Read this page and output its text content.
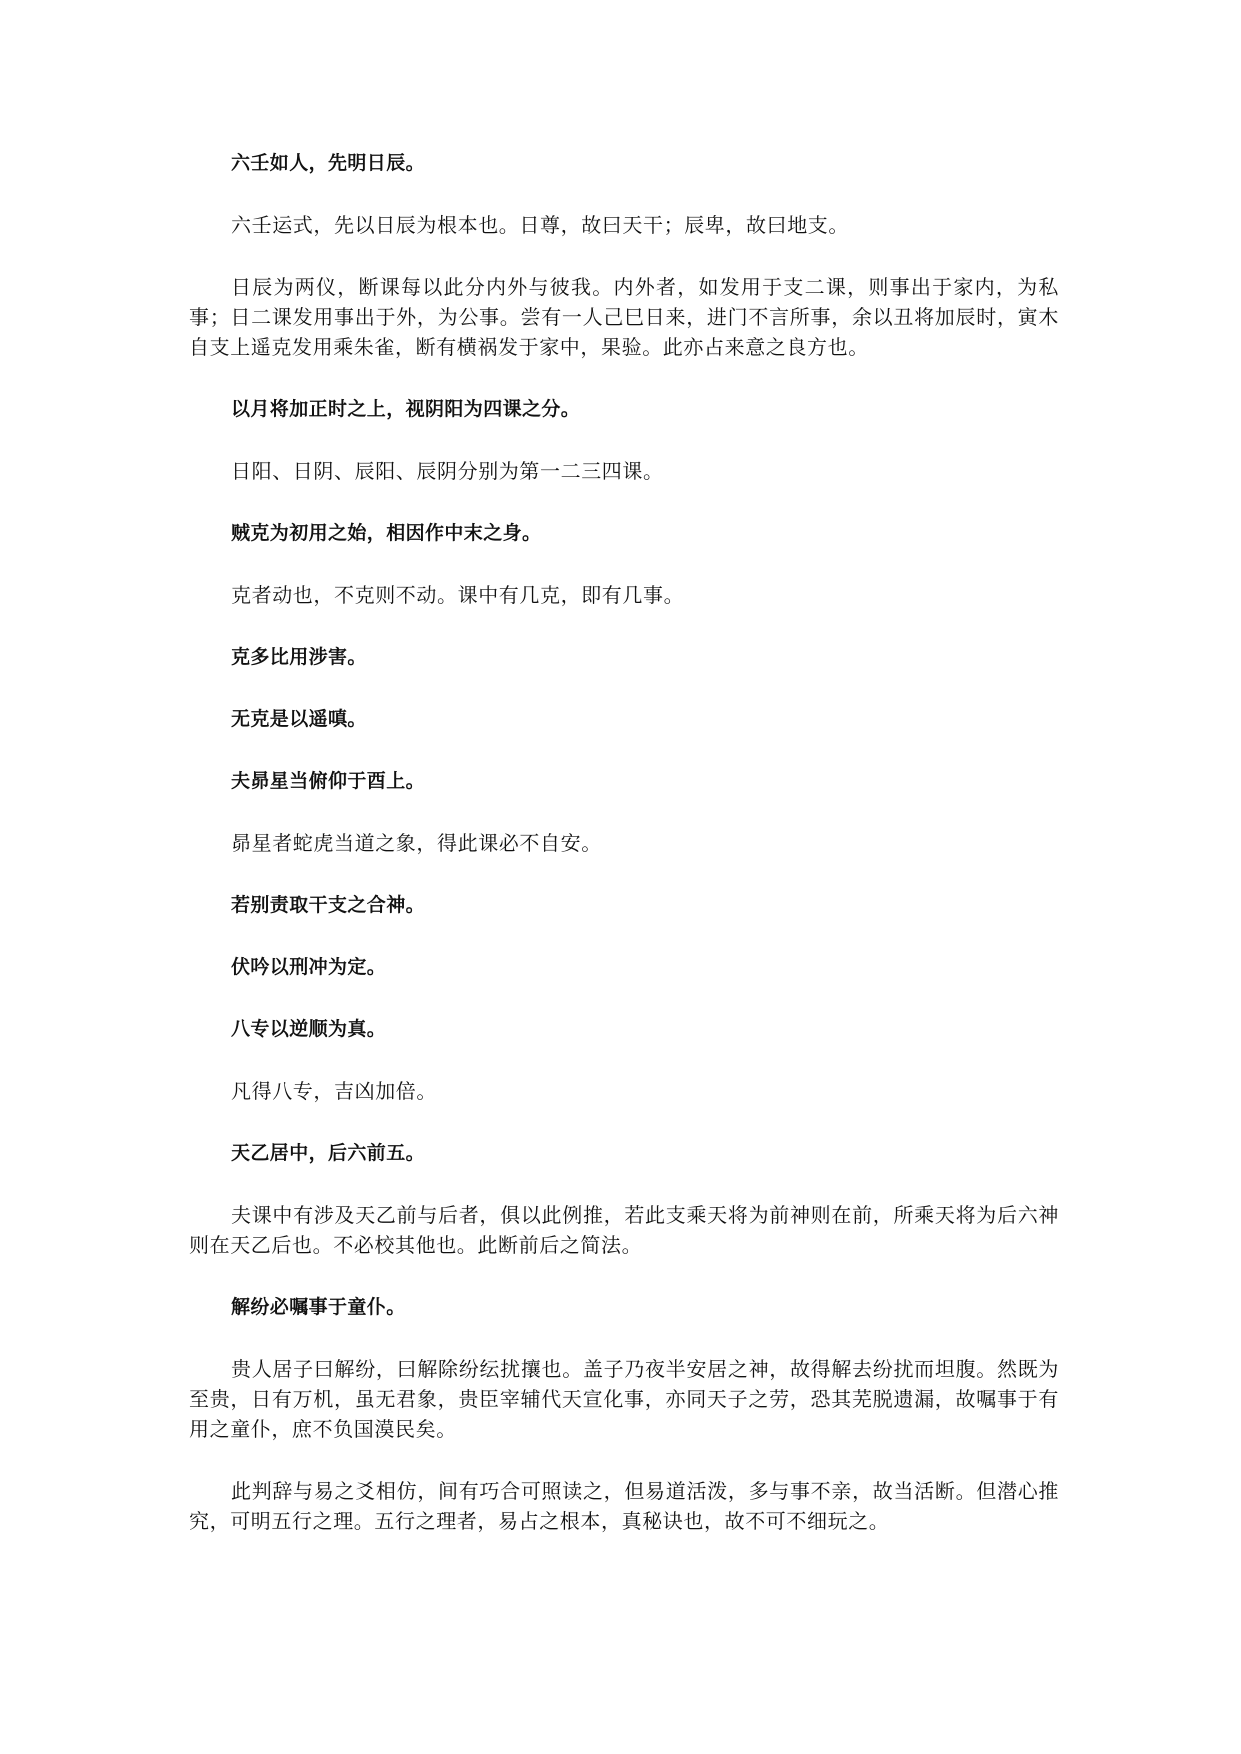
六壬如人，先明日辰。

六壬运式，先以日辰为根本也。日尊，故曰天干；辰卑，故曰地支。

日辰为两仪，断课每以此分内外与彼我。内外者，如发用于支二课，则事出于家内，为私事；日二课发用事出于外，为公事。尝有一人己巳日来，进门不言所事，余以丑将加辰时，寅木自支上遥克发用乘朱雀，断有横祸发于家中，果验。此亦占来意之良方也。

以月将加正时之上，视阴阳为四课之分。

日阳、日阴、辰阳、辰阴分别为第一二三四课。

贼克为初用之始，相因作中末之身。

克者动也，不克则不动。课中有几克，即有几事。

克多比用涉害。

无克是以遥嗔。

夫昴星当俯仰于酉上。

昴星者蛇虎当道之象，得此课必不自安。

若别责取干支之合神。

伏吟以刑冲为定。

八专以逆顺为真。

凡得八专，吉凶加倍。

天乙居中，后六前五。

夫课中有涉及天乙前与后者，俱以此例推，若此支乘天将为前神则在前，所乘天将为后六神则在天乙后也。不必校其他也。此断前后之简法。

解纷必嘱事于童仆。

贵人居子曰解纷，曰解除纷纭扰攘也。盖子乃夜半安居之神，故得解去纷扰而坦腹。然既为至贵，日有万机，虽无君象，贵臣宰辅代天宣化事，亦同天子之劳，恐其芜脱遗漏，故嘱事于有用之童仆，庶不负国漠民矣。

此判辞与易之爻相仿，间有巧合可照读之，但易道活泼，多与事不亲，故当活断。但潜心推究，可明五行之理。五行之理者，易占之根本，真秘诀也，故不可不细玩之。
